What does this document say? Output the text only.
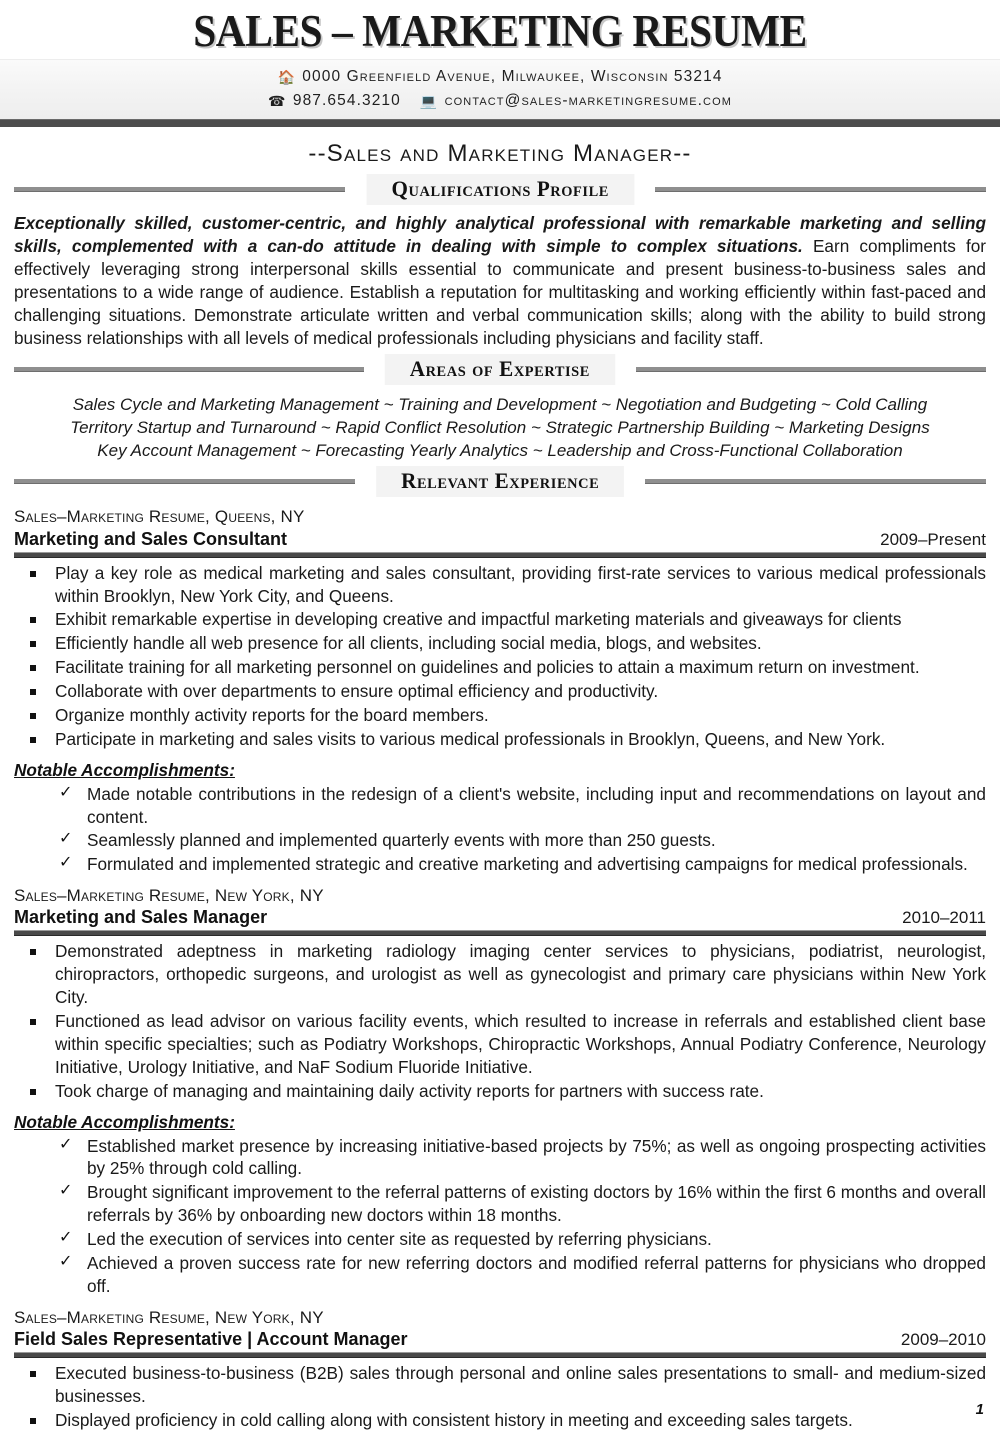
SALES – MARKETING RESUME
🏠 0000 Greenfield Avenue, Milwaukee, Wisconsin 53214
☎ 987.654.3210 💻 contact@sales-marketingresume.com
--Sales and Marketing Manager--
Qualifications Profile

Exceptionally skilled, customer-centric, and highly analytical professional with remarkable marketing and selling skills, complemented with a can-do attitude in dealing with simple to complex situations. Earn compliments for effectively leveraging strong interpersonal skills essential to communicate and present business-to-business sales and presentations to a wide range of audience. Establish a reputation for multitasking and working efficiently within fast-paced and challenging situations. Demonstrate articulate written and verbal communication skills; along with the ability to build strong business relationships with all levels of medical professionals including physicians and facility staff.

Areas of Expertise
Sales Cycle and Marketing Management ~ Training and Development ~ Negotiation and Budgeting ~ Cold Calling
Territory Startup and Turnaround ~ Rapid Conflict Resolution ~ Strategic Partnership Building ~ Marketing Designs
Key Account Management ~ Forecasting Yearly Analytics ~ Leadership and Cross-Functional Collaboration
Relevant Experience
Sales–Marketing Resume, Queens, NY
Marketing and Sales Consultant	2009–Present
Play a key role as medical marketing and sales consultant, providing first-rate services to various medical professionals within Brooklyn, New York City, and Queens.
Exhibit remarkable expertise in developing creative and impactful marketing materials and giveaways for clients
Efficiently handle all web presence for all clients, including social media, blogs, and websites.
Facilitate training for all marketing personnel on guidelines and policies to attain a maximum return on investment.
Collaborate with over departments to ensure optimal efficiency and productivity.
Organize monthly activity reports for the board members.
Participate in marketing and sales visits to various medical professionals in Brooklyn, Queens, and New York.
Notable Accomplishments:
✓ Made notable contributions in the redesign of a client's website, including input and recommendations on layout and content.
✓ Seamlessly planned and implemented quarterly events with more than 250 guests.
✓ Formulated and implemented strategic and creative marketing and advertising campaigns for medical professionals.
Sales–Marketing Resume, New York, NY
Marketing and Sales Manager	2010–2011
Demonstrated adeptness in marketing radiology imaging center services to physicians, podiatrist, neurologist, chiropractors, orthopedic surgeons, and urologist as well as gynecologist and primary care physicians within New York City.
Functioned as lead advisor on various facility events, which resulted to increase in referrals and established client base within specific specialties; such as Podiatry Workshops, Chiropractic Workshops, Annual Podiatry Conference, Neurology Initiative, Urology Initiative, and NaF Sodium Fluoride Initiative.
Took charge of managing and maintaining daily activity reports for partners with success rate.
Notable Accomplishments:
✓ Established market presence by increasing initiative-based projects by 75%; as well as ongoing prospecting activities by 25% through cold calling.
✓ Brought significant improvement to the referral patterns of existing doctors by 16% within the first 6 months and overall referrals by 36% by onboarding new doctors within 18 months.
✓ Led the execution of services into center site as requested by referring physicians.
✓ Achieved a proven success rate for new referring doctors and modified referral patterns for physicians who dropped off.
Sales–Marketing Resume, New York, NY
Field Sales Representative | Account Manager	2009–2010
Executed business-to-business (B2B) sales through personal and online sales presentations to small- and medium-sized businesses.
Displayed proficiency in cold calling along with consistent history in meeting and exceeding sales targets.
1
